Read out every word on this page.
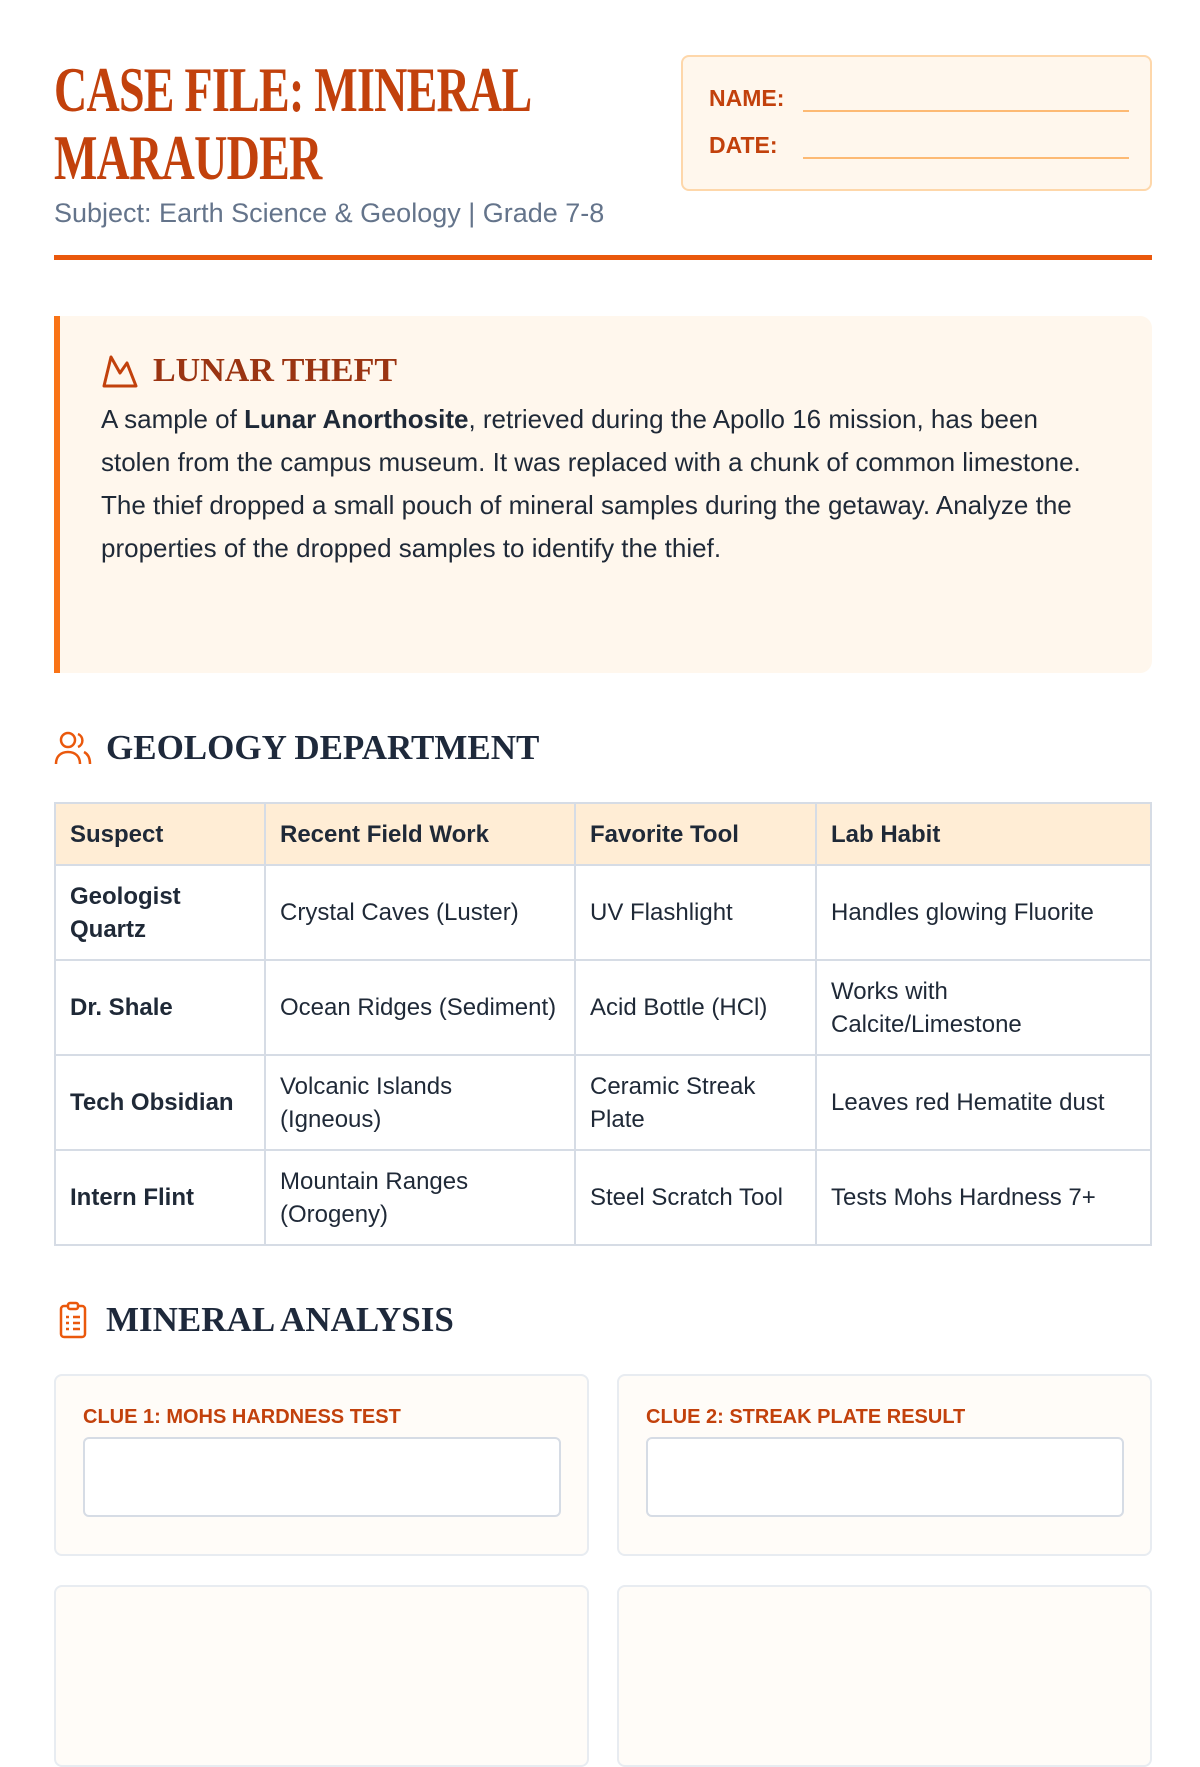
CASE FILE: MINERAL MARAUDER
Subject: Earth Science & Geology | Grade 7-8
NAME:
DATE:
LUNAR THEFT

A sample of Lunar Anorthosite, retrieved during the Apollo 16 mission, has been stolen from the campus museum. It was replaced with a chunk of common limestone. The thief dropped a small pouch of mineral samples during the getaway. Analyze the properties of the dropped samples to identify the thief.

GEOLOGY DEPARTMENT
Suspect	Recent Field Work	Favorite Tool	Lab Habit
Geologist Quartz	Crystal Caves (Luster)	UV Flashlight	Handles glowing Fluorite
Dr. Shale	Ocean Ridges (Sediment)	Acid Bottle (HCl)	Works with Calcite/Limestone
Tech Obsidian	Volcanic Islands (Igneous)	Ceramic Streak Plate	Leaves red Hematite dust
Intern Flint	Mountain Ranges (Orogeny)	Steel Scratch Tool	Tests Mohs Hardness 7+
MINERAL ANALYSIS
CLUE 1: MOHS HARDNESS TEST	CLUE 2: STREAK PLATE RESULT
